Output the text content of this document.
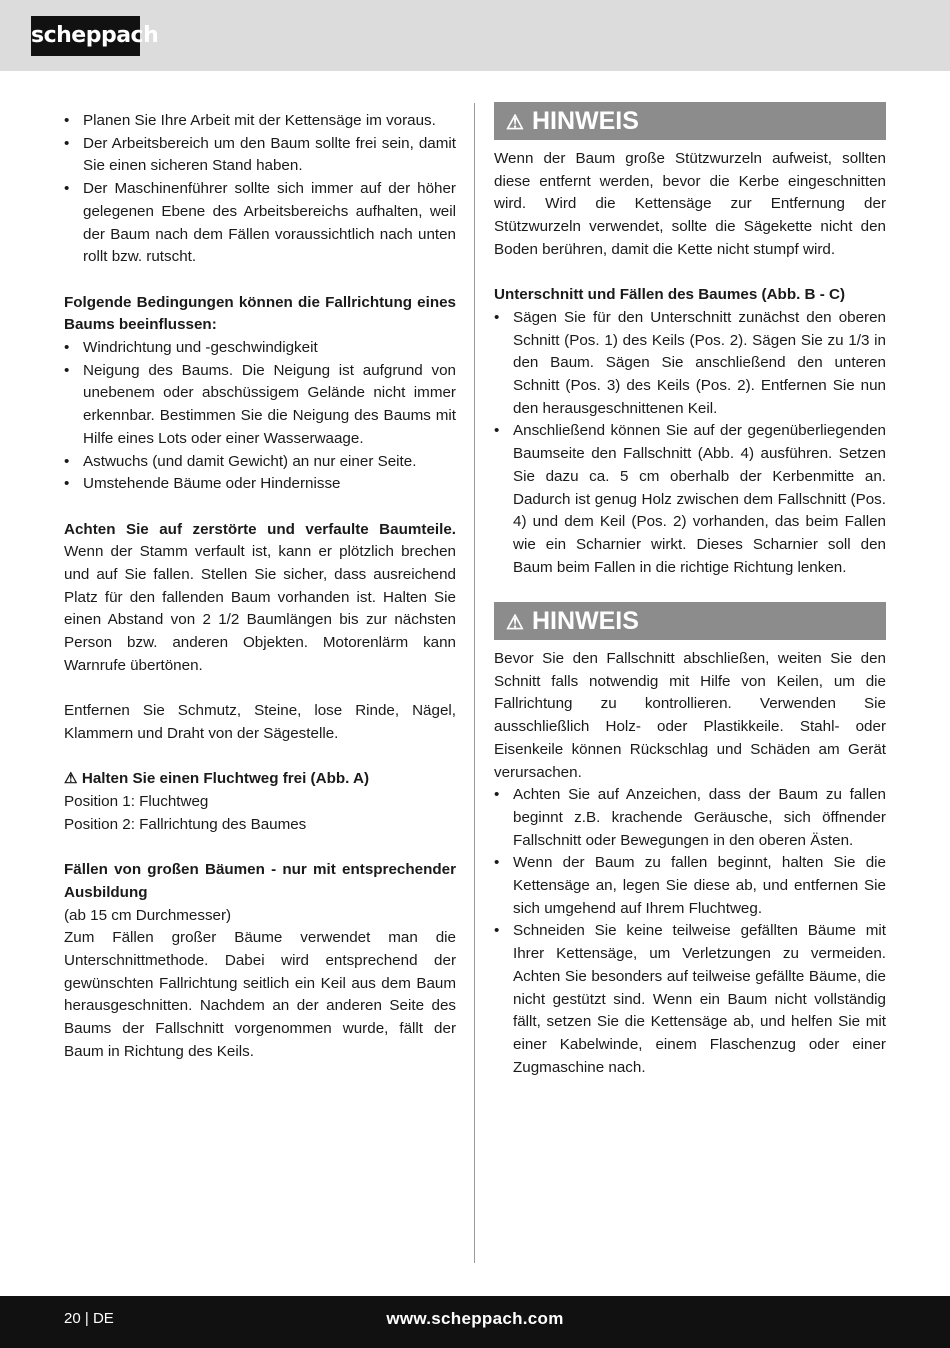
scheppach
• Planen Sie Ihre Arbeit mit der Kettensäge im voraus.
• Der Arbeitsbereich um den Baum sollte frei sein, damit Sie einen sicheren Stand haben.
• Der Maschinenführer sollte sich immer auf der höher gelegenen Ebene des Arbeitsbereichs aufhalten, weil der Baum nach dem Fällen voraussichtlich nach unten rollt bzw. rutscht.

Folgende Bedingungen können die Fallrichtung eines Baums beeinflussen:

• Windrichtung und -geschwindigkeit
• Neigung des Baums. Die Neigung ist aufgrund von unebenem oder abschüssigem Gelände nicht immer erkennbar. Bestimmen Sie die Neigung des Baums mit Hilfe eines Lots oder einer Wasserwaage.
• Astwuchs (und damit Gewicht) an nur einer Seite.
• Umstehende Bäume oder Hindernisse

Achten Sie auf zerstörte und verfaulte Baumteile. Wenn der Stamm verfault ist, kann er plötzlich brechen und auf Sie fallen. Stellen Sie sicher, dass ausreichend Platz für den fallenden Baum vorhanden ist. Halten Sie einen Abstand von 2 1/2 Baumlängen bis zur nächsten Person bzw. anderen Objekten. Motorenlärm kann Warnrufe übertönen.

Entfernen Sie Schmutz, Steine, lose Rinde, Nägel, Klammern und Draht von der Sägestelle.

⚠ Halten Sie einen Fluchtweg frei (Abb. A)

Position 1: Fluchtweg

Position 2: Fallrichtung des Baumes

Fällen von großen Bäumen - nur mit entsprechender Ausbildung

(ab 15 cm Durchmesser)

Zum Fällen großer Bäume verwendet man die Unterschnittmethode. Dabei wird entsprechend der gewünschten Fallrichtung seitlich ein Keil aus dem Baum herausgeschnitten. Nachdem an der anderen Seite des Baums der Fallschnitt vorgenommen wurde, fällt der Baum in Richtung des Keils.

⚠ HINWEIS

Wenn der Baum große Stützwurzeln aufweist, sollten diese entfernt werden, bevor die Kerbe eingeschnitten wird. Wird die Kettensäge zur Entfernung der Stützwurzeln verwendet, sollte die Sägekette nicht den Boden berühren, damit die Kette nicht stumpf wird.

Unterschnitt und Fällen des Baumes (Abb. B - C)

• Sägen Sie für den Unterschnitt zunächst den oberen Schnitt (Pos. 1) des Keils (Pos. 2). Sägen Sie zu 1/3 in den Baum. Sägen Sie anschließend den unteren Schnitt (Pos. 3) des Keils (Pos. 2). Entfernen Sie nun den herausgeschnittenen Keil.
• Anschließend können Sie auf der gegenüberliegenden Baumseite den Fallschnitt (Abb. 4) ausführen. Setzen Sie dazu ca. 5 cm oberhalb der Kerbenmitte an. Dadurch ist genug Holz zwischen dem Fallschnitt (Pos. 4) und dem Keil (Pos. 2) vorhanden, das beim Fallen wie ein Scharnier wirkt. Dieses Scharnier soll den Baum beim Fallen in die richtige Richtung lenken.
⚠ HINWEIS

Bevor Sie den Fallschnitt abschließen, weiten Sie den Schnitt falls notwendig mit Hilfe von Keilen, um die Fallrichtung zu kontrollieren. Verwenden Sie ausschließlich Holz- oder Plastikkeile. Stahl- oder Eisenkeile können Rückschlag und Schäden am Gerät verursachen.

• Achten Sie auf Anzeichen, dass der Baum zu fallen beginnt z.B. krachende Geräusche, sich öffnender Fallschnitt oder Bewegungen in den oberen Ästen.
• Wenn der Baum zu fallen beginnt, halten Sie die Kettensäge an, legen Sie diese ab, und entfernen Sie sich umgehend auf Ihrem Fluchtweg.
• Schneiden Sie keine teilweise gefällten Bäume mit Ihrer Kettensäge, um Verletzungen zu vermeiden. Achten Sie besonders auf teilweise gefällte Bäume, die nicht gestützt sind. Wenn ein Baum nicht vollständig fällt, setzen Sie die Kettensäge ab, und helfen Sie mit einer Kabelwinde, einem Flaschenzug oder einer Zugmaschine nach.
20 | DE	www.scheppach.com
